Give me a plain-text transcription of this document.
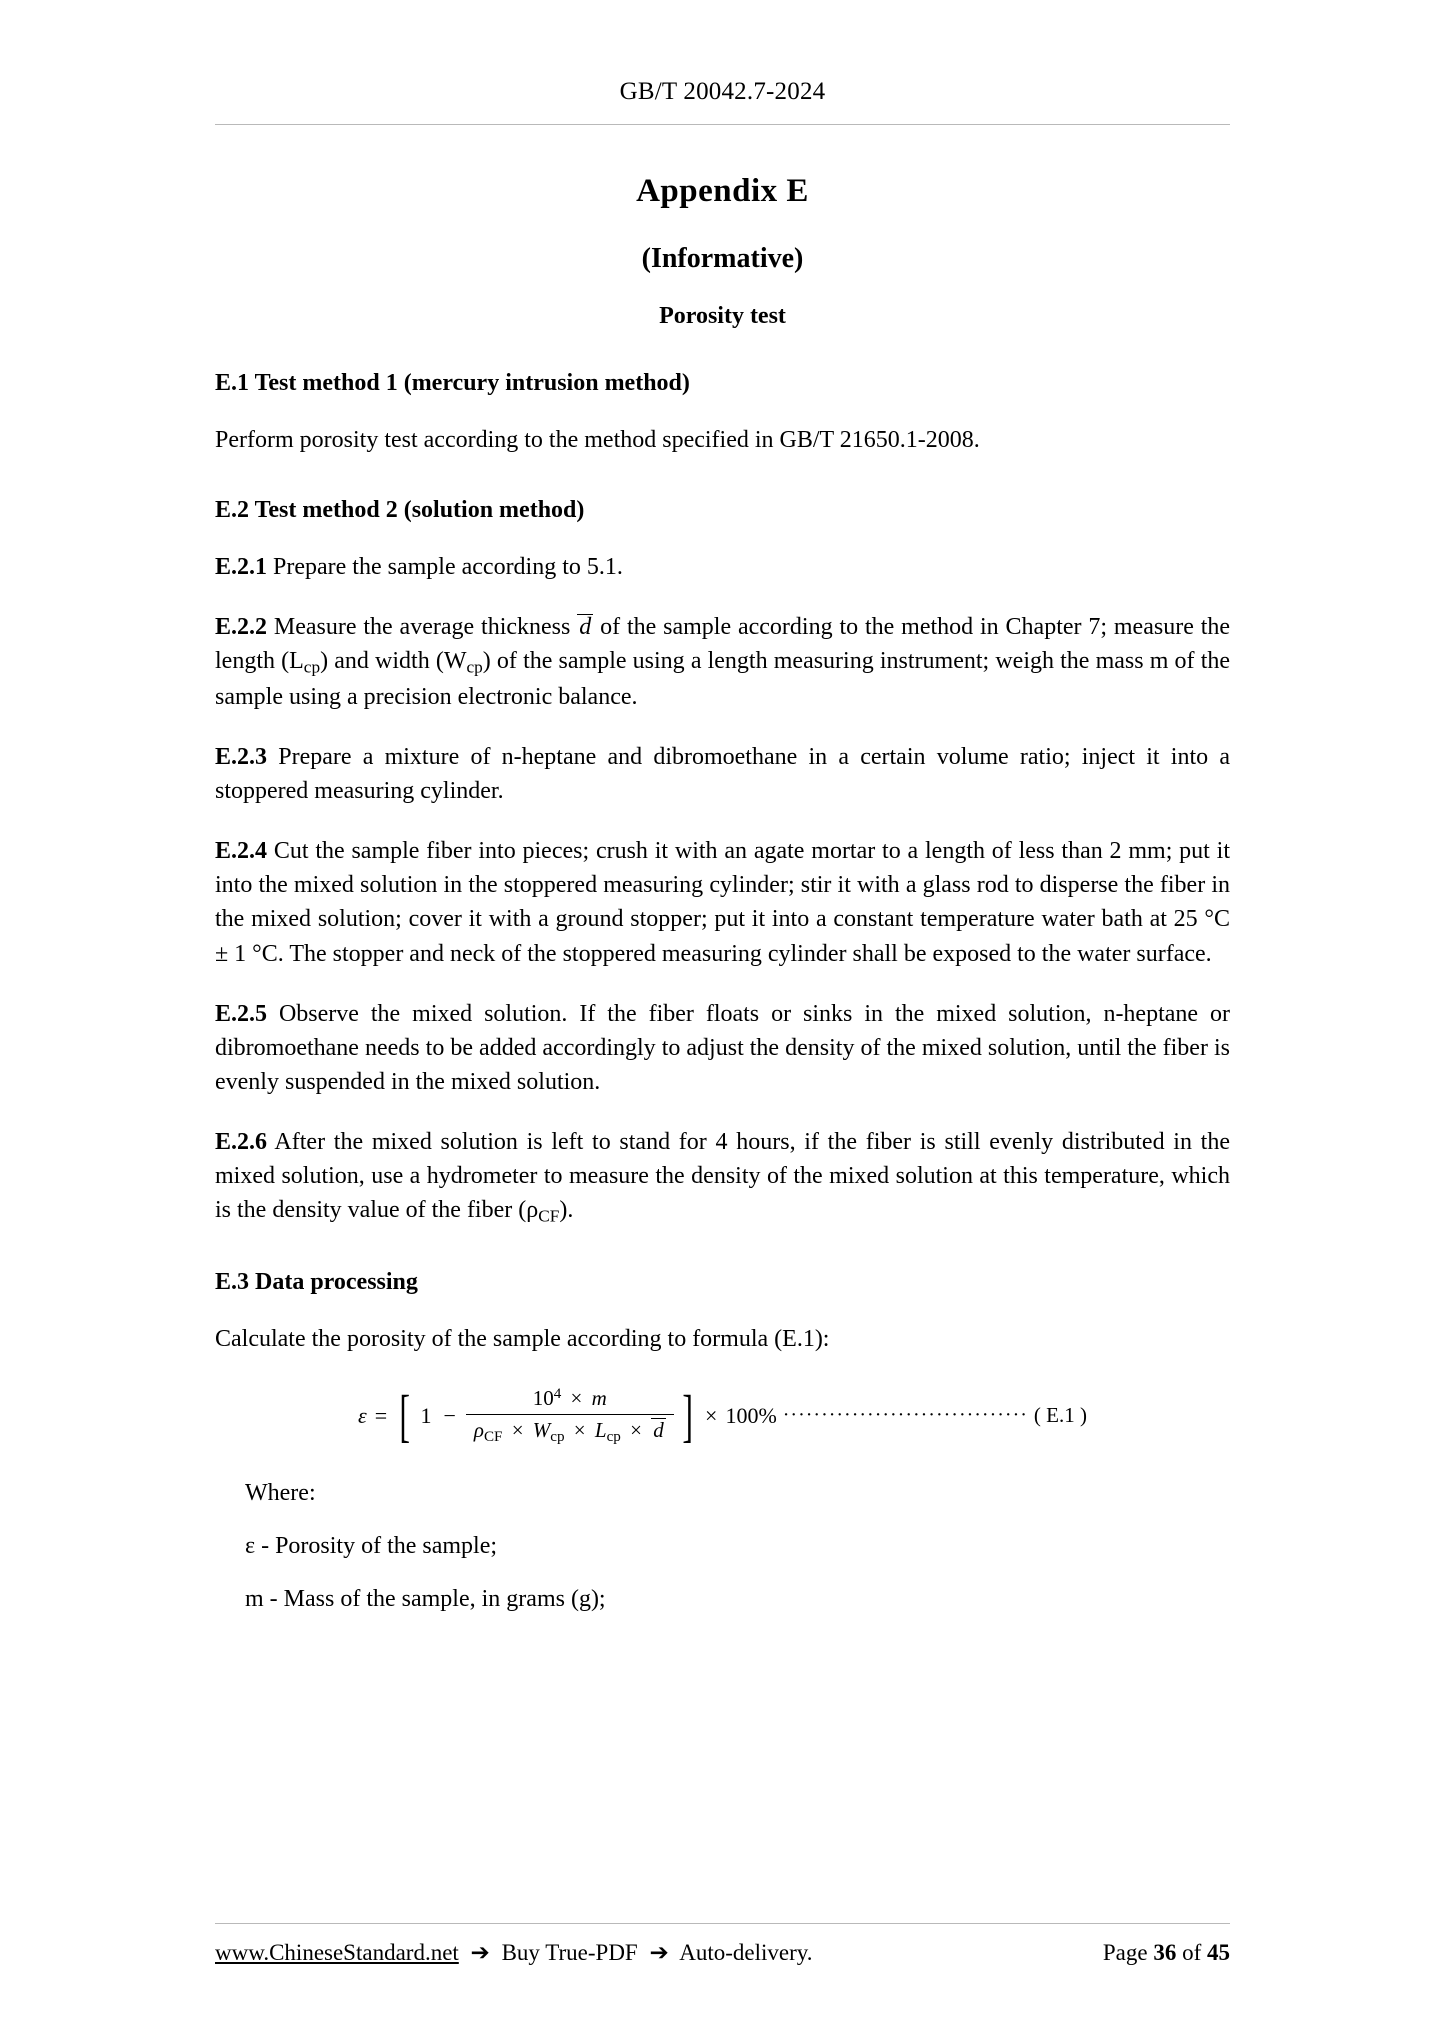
GB/T 20042.7-2024
Appendix E
(Informative)
Porosity test
E.1 Test method 1 (mercury intrusion method)

Perform porosity test according to the method specified in GB/T 21650.1-2008.

E.2 Test method 2 (solution method)

E.2.1 Prepare the sample according to 5.1.

E.2.2 Measure the average thickness d of the sample according to the method in Chapter 7; measure the length $(L_{cp})$ and width $(W_{cp})$ of the sample using a length measuring instrument; weigh the mass m of the sample using a precision electronic balance.

E.2.3 Prepare a mixture of n-heptane and dibromoethane in a certain volume ratio; inject it into a stoppered measuring cylinder.

E.2.4 Cut the sample fiber into pieces; crush it with an agate mortar to a length of less than 2 mm; put it into the mixed solution in the stoppered measuring cylinder; stir it with a glass rod to disperse the fiber in the mixed solution; cover it with a ground stopper; put it into a constant temperature water bath at 25 °C ± 1 °C. The stopper and neck of the stoppered measuring cylinder shall be exposed to the water surface.

E.2.5 Observe the mixed solution. If the fiber floats or sinks in the mixed solution, n-heptane or dibromoethane needs to be added accordingly to adjust the density of the mixed solution, until the fiber is evenly suspended in the mixed solution.

E.2.6 After the mixed solution is left to stand for 4 hours, if the fiber is still evenly distributed in the mixed solution, use a hydrometer to measure the density of the mixed solution at this temperature, which is the density value of the fiber $(\rho_{CF})$.

E.3 Data processing

Calculate the porosity of the sample according to formula (E.1):

ε = [ 1 −
$10^4 \times m$
$\rho_{CF} \times W_{cp} \times L_{cp} \times d$ ] × 100% ································ ( E.1 )
Where:

ε - Porosity of the sample;

m - Mass of the sample, in grams (g);

www.ChineseStandard.net ➔ Buy True-PDF ➔ Auto-delivery.	Page 36 of 45
